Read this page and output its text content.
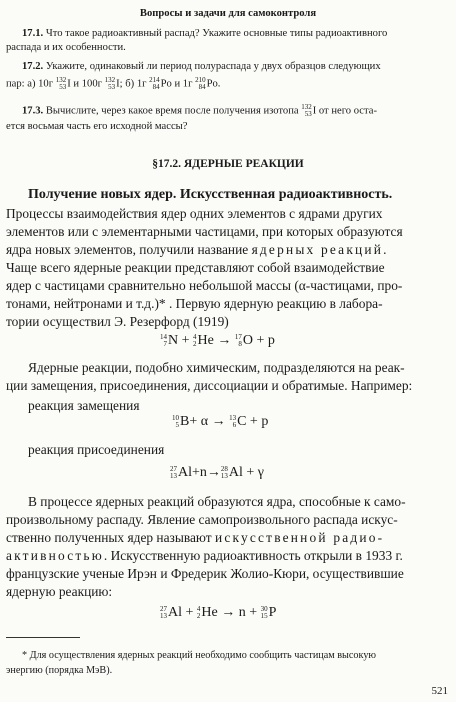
Вопросы и задачи для самоконтроля
17.1. Что такое радиоактивный распад? Укажите основные типы радиоактивного
распада и их особенности.
17.2. Укажите, одинаковый ли период полураспада у двух образцов следующих
пар: а) 10г 132
53 I и 100г 132
53 I; б) 1г 214
84 Po и 1г 210
84 Po.
17.3. Вычислите, через какое время после получения изотопа 132
53 I от него оста-
ется восьмая часть его исходной массы?
§17.2. ЯДЕРНЫЕ РЕАКЦИИ
Получение новых ядер. Искусственная радиоактивность.
Процессы взаимодействия ядер одних элементов с ядрами других
элементов или с элементарными частицами, при которых образуются
ядра новых элементов, получили название ядерных реакций.
Чаще всего ядерные реакции представляют собой взаимодействие
ядер с частицами сравнительно небольшой массы (α-частицами, про-
тонами, нейтронами и т.д.)* . Первую ядерную реакцию в лабора-
тории осуществил Э. Резерфорд (1919)
14
7 N + 4
2 He → 17
8 O + p
Ядерные реакции, подобно химическим, подразделяются на реак-
ции замещения, присоединения, диссоциации и обратимые. Например:
реакция замещения
10
5 B+ α → 13
6 C + p
реакция присоединения
27
13 Al+n→ 28
13 Al + γ
В процессе ядерных реакций образуются ядра, способные к само-
произвольному распаду. Явление самопроизвольного распада искус-
ственно полученных ядер называют искусственной радио-
активностью. Искусственную радиоактивность открыли в 1933 г.
французские ученые Ирэн и Фредерик Жолио-Кюри, осуществившие
ядерную реакцию:
27
13 Al + 4
2 He → n + 30
15 P
* Для осуществления ядерных реакций необходимо сообщить частицам высокую
энергию (порядка МэВ).
521
